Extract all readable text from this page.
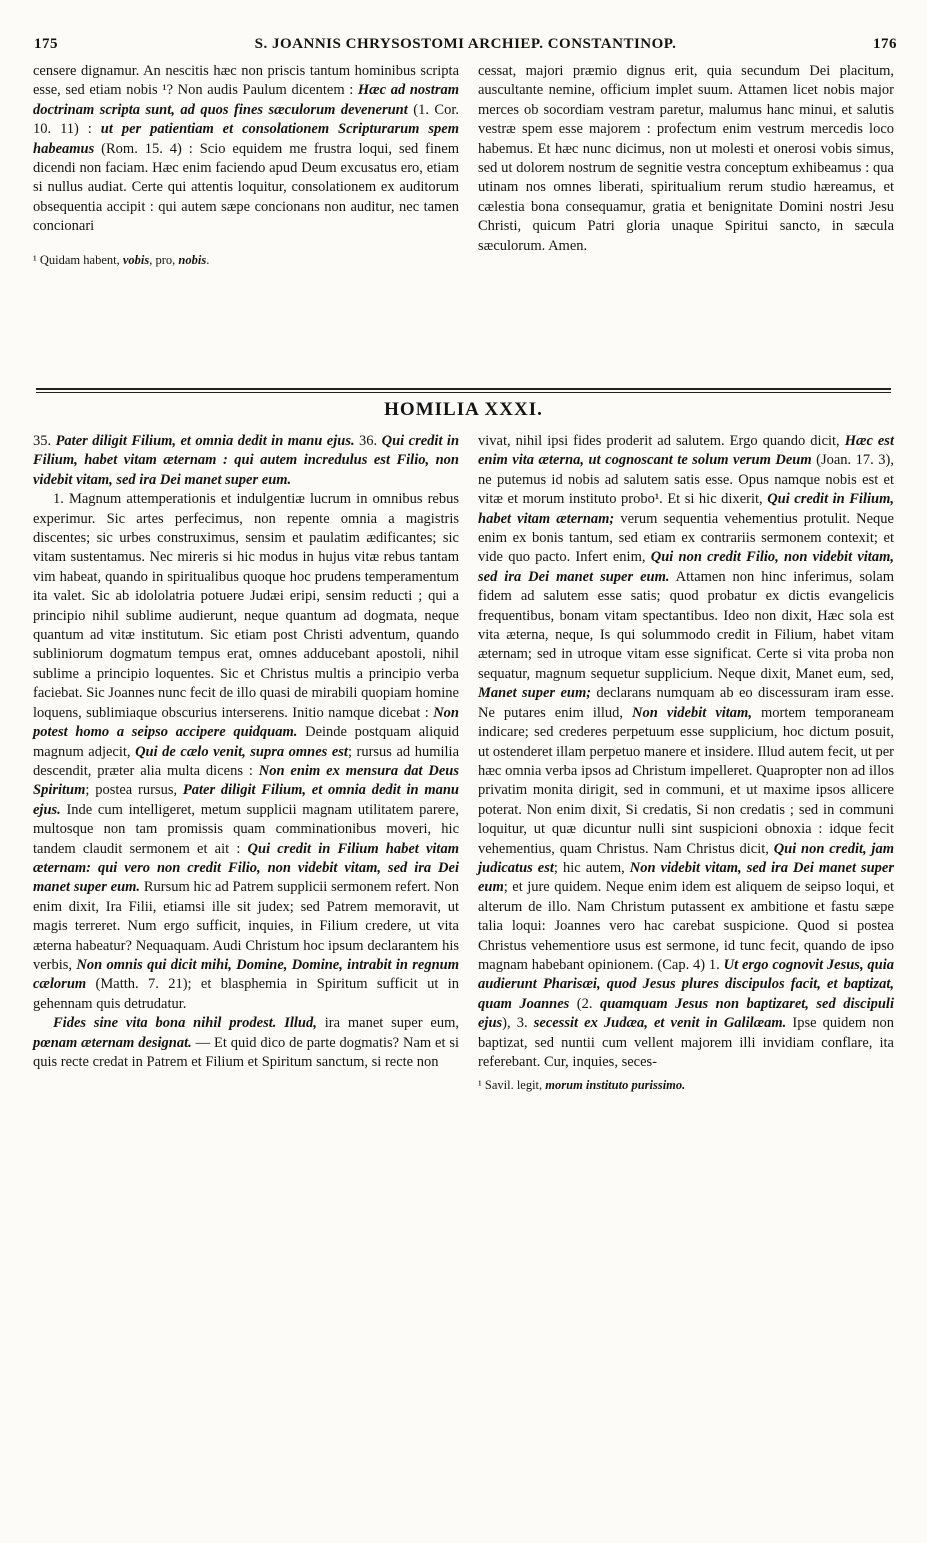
175	S. JOANNIS CHRYSOSTOMI ARCHIEP. CONSTANTINOP.	176

censere dignamur. An nescitis hæc non priscis tantum hominibus scripta esse, sed etiam nobis ¹? Non audis Paulum dicentem : Hæc ad nostram doctrinam scripta sunt, ad quos fines sæculorum devenerunt (1. Cor. 10. 11) : ut per patientiam et consolationem Scripturarum spem habeamus (Rom. 15. 4) : Scio equidem me frustra loqui, sed finem dicendi non faciam. Hæc enim faciendo apud Deum excusatus ero, etiam si nullus audiat. Certe qui attentis loquitur, consolationem ex auditorum obsequentia accipit : qui autem sæpe concionans non auditur, nec tamen concionari

¹ Quidam habent, vobis, pro, nobis.

cessat, majori præmio dignus erit, quia secundum Dei placitum, auscultante nemine, officium implet suum. Attamen licet nobis major merces ob socordiam vestram paretur, malumus hanc minui, et salutis vestræ spem esse majorem : profectum enim vestrum mercedis loco habemus. Et hæc nunc dicimus, non ut molesti et onerosi vobis simus, sed ut dolorem nostrum de segnitie vestra conceptum exhibeamus : qua utinam nos omnes liberati, spiritualium rerum studio hæreamus, et cælestia bona consequamur, gratia et benignitate Domini nostri Jesu Christi, quicum Patri gloria unaque Spiritui sancto, in sæcula sæculorum. Amen.

HOMILIA XXXI.

35. Pater diligit Filium, et omnia dedit in manu ejus. 36. Qui credit in Filium, habet vitam æternam : qui autem incredulus est Filio, non videbit vitam, sed ira Dei manet super eum.

1. Magnum attemperationis et indulgentiæ lucrum in omnibus rebus experimur. Sic artes perfecimus, non repente omnia a magistris discentes; sic urbes construximus, sensim et paulatim ædificantes; sic vitam sustentamus. Nec mireris si hic modus in hujus vitæ rebus tantam vim habeat, quando in spiritualibus quoque hoc prudens temperamentum ita valet. Sic ab idololatria potuere Judæi eripi, sensim reducti ; qui a principio nihil sublime audierunt, neque quantum ad dogmata, neque quantum ad vitæ institutum. Sic etiam post Christi adventum, quando subliniorum dogmatum tempus erat, omnes adducebant apostoli, nihil sublime a principio loquentes. Sic et Christus multis a principio verba faciebat. Sic Joannes nunc fecit de illo quasi de mirabili quopiam homine loquens, sublimiaque obscurius interserens. Initio namque dicebat : Non potest homo a seipso accipere quidquam. Deinde postquam aliquid magnum adjecit, Qui de cælo venit, supra omnes est; rursus ad humilia descendit, præter alia multa dicens : Non enim ex mensura dat Deus Spiritum; postea rursus, Pater diligit Filium, et omnia dedit in manu ejus. Inde cum intelligeret, metum supplicii magnam utilitatem parere, multosque non tam promissis quam comminationibus moveri, hic tandem claudit sermonem et ait : Qui credit in Filium habet vitam æternam: qui vero non credit Filio, non videbit vitam, sed ira Dei manet super eum. Rursum hic ad Patrem supplicii sermonem refert. Non enim dixit, Ira Filii, etiamsi ille sit judex; sed Patrem memoravit, ut magis terreret. Num ergo sufficit, inquies, in Filium credere, ut vita æterna habeatur? Nequaquam. Audi Christum hoc ipsum declarantem his verbis, Non omnis qui dicit mihi, Domine, Domine, intrabit in regnum cælorum (Matth. 7. 21); et blasphemia in Spiritum sufficit ut in gehennam quis detrudatur.

Fides sine vita bona nihil prodest. Illud, ira manet super eum, pœnam æternam designat. — Et quid dico de parte dogmatis? Nam et si quis recte credat in Patrem et Filium et Spiritum sanctum, si recte non

vivat, nihil ipsi fides proderit ad salutem. Ergo quando dicit, Hæc est enim vita æterna, ut cognoscant te solum verum Deum (Joan. 17. 3), ne putemus id nobis ad salutem satis esse. Opus namque nobis est et vitæ et morum instituto probo¹. Et si hic dixerit, Qui credit in Filium, habet vitam æternam; verum sequentia vehementius protulit. Neque enim ex bonis tantum, sed etiam ex contrariis sermonem contexit; et vide quo pacto. Infert enim, Qui non credit Filio, non videbit vitam, sed ira Dei manet super eum. Attamen non hinc inferimus, solam fidem ad salutem esse satis; quod probatur ex dictis evangelicis frequentibus, bonam vitam spectantibus. Ideo non dixit, Hæc sola est vita æterna, neque, Is qui solummodo credit in Filium, habet vitam æternam; sed in utroque vitam esse significat. Certe si vita proba non sequatur, magnum sequetur supplicium. Neque dixit, Manet eum, sed, Manet super eum; declarans numquam ab eo discessuram iram esse. Ne putares enim illud, Non videbit vitam, mortem temporaneam indicare; sed crederes perpetuum esse supplicium, hoc dictum posuit, ut ostenderet illam perpetuo manere et insidere. Illud autem fecit, ut per hæc omnia verba ipsos ad Christum impelleret. Quapropter non ad illos privatim monita dirigit, sed in communi, et ut maxime ipsos allicere poterat. Non enim dixit, Si credatis, Si non credatis ; sed in communi loquitur, ut quæ dicuntur nulli sint suspicioni obnoxia : idque fecit vehementius, quam Christus. Nam Christus dicit, Qui non credit, jam judicatus est; hic autem, Non videbit vitam, sed ira Dei manet super eum; et jure quidem. Neque enim idem est aliquem de seipso loqui, et alterum de illo. Nam Christum putassent ex ambitione et fastu sæpe talia loqui: Joannes vero hac carebat suspicione. Quod si postea Christus vehementiore usus est sermone, id tunc fecit, quando de ipso magnam habebant opinionem. (Cap. 4) 1. Ut ergo cognovit Jesus, quia audierunt Pharisæi, quod Jesus plures discipulos facit, et baptizat, quam Joannes (2. quamquam Jesus non baptizaret, sed discipuli ejus), 3. secessit ex Judæa, et venit in Galilæam. Ipse quidem non baptizat, sed nuntii cum vellent majorem illi invidiam conflare, ita referebant. Cur, inquies, seces-

¹ Savil. legit, morum instituto purissimo.
